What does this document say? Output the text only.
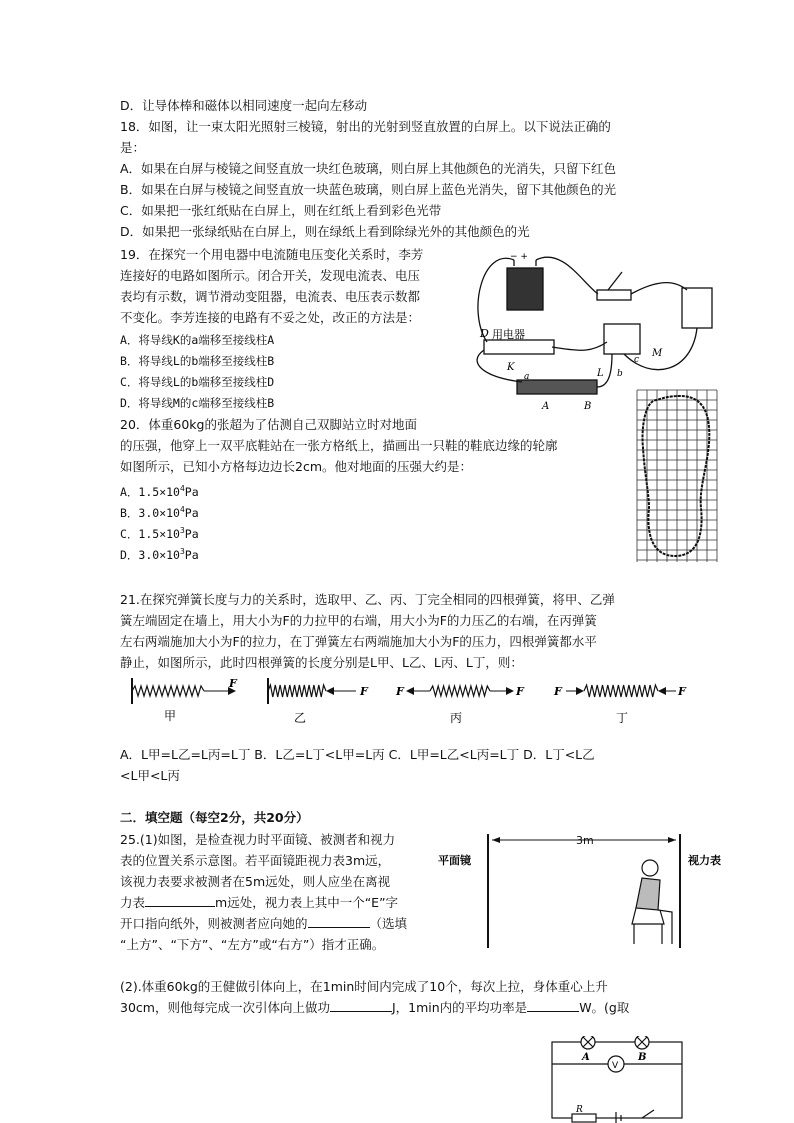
D．让导体棒和磁体以相同速度一起向左移动
18．如图，让一束太阳光照射三棱镜，射出的光射到竖直放置的白屏上。以下说法正确的
是：
A．如果在白屏与棱镜之间竖直放一块红色玻璃，则白屏上其他颜色的光消失，只留下红色
B．如果在白屏与棱镜之间竖直放一块蓝色玻璃，则白屏上蓝色光消失，留下其他颜色的光
C．如果把一张红纸贴在白屏上，则在红纸上看到彩色光带
D．如果把一张绿纸贴在白屏上，则在绿纸上看到除绿光外的其他颜色的光
19．在探究一个用电器中电流随电压变化关系时，李芳
连接好的电路如图所示。闭合开关，发现电流表、电压
表均有示数，调节滑动变阻器，电流表、电压表示数都
不变化。李芳连接的电路有不妥之处，改正的方法是：
A．将导线K的a端移至接线柱A
B．将导线L的b端移至接线柱B
C．将导线L的b端移至接线柱D
D．将导线M的c端移至接线柱B
− +
D 用电器
K
L
M
a	b
c
A	B
20．体重60kg的张超为了估测自己双脚站立时对地面
的压强，他穿上一双平底鞋站在一张方格纸上，描画出一只鞋的鞋底边缘的轮廓
如图所示，已知小方格每边边长2cm。他对地面的压强大约是：
A．$1.5\times 10^4Pa$
B．$3.0\times 10^4Pa$
C．$1.5\times 10^3Pa$
D．$3.0\times 10^3Pa$
21.在探究弹簧长度与力的关系时，选取甲、乙、丙、丁完全相同的四根弹簧，将甲、乙弹
簧左端固定在墙上，用大小为F的力拉甲的右端，用大小为F的力压乙的右端，在丙弹簧
左右两端施加大小为F的拉力，在丁弹簧左右两端施加大小为F的压力，四根弹簧都水平
静止，如图所示，此时四根弹簧的长度分别是L甲、L乙、L丙、L丁，则：
F
F	F	F	F	F
甲	乙	丙	丁
A．L甲=L乙=L丙=L丁 B．L乙=L丁<L甲=L丙 C．L甲=L乙<L丙=L丁 D．L丁<L乙
<L甲<L丙
二．填空题（每空2分，共20分）
25.(1)如图，是检查视力时平面镜、被测者和视力
表的位置关系示意图。若平面镜距视力表3m远，
该视力表要求被测者在5m远处，则人应坐在离视
力表	m远处，视力表上其中一个“E”字
开口指向纸外，则被测者应向她的	（选填
“上方”、“下方”、“左方”或“右方”）指才正确。
3m
平面镜	视力表
(2).体重60kg的王健做引体向上，在1min时间内完成了10个，每次上拉，身体重心上升
30cm，则他每完成一次引体向上做功	J，1min内的平均功率是	W。(g取
A	B
V
R
